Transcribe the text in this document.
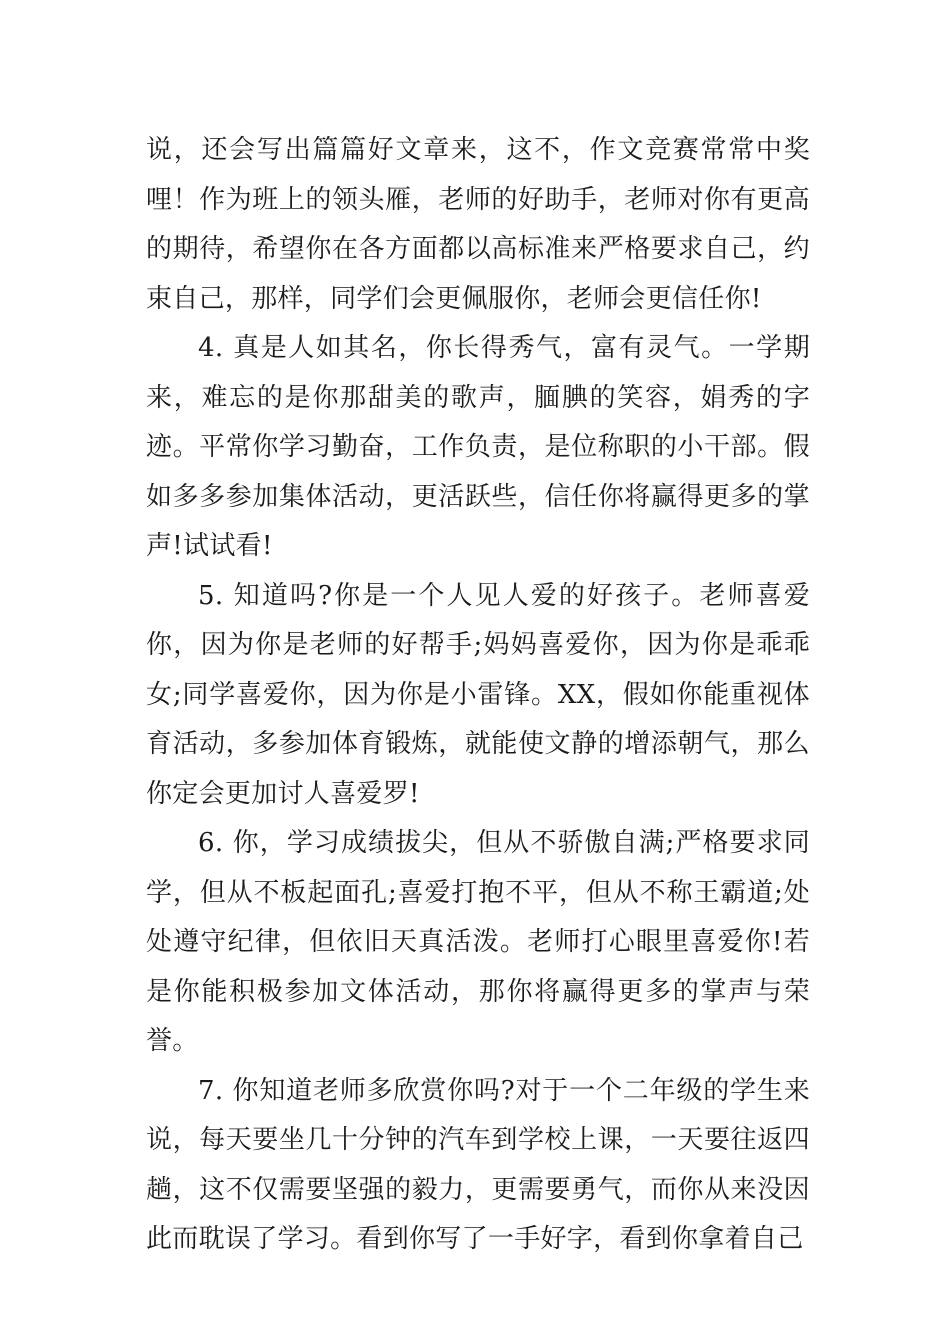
说，还会写出篇篇好文章来，这不，作文竞赛常常中奖哩！作为班上的领头雁，老师的好助手，老师对你有更高的期待，希望你在各方面都以高标准来严格要求自己，约束自己，那样，同学们会更佩服你，老师会更信任你!

4. 真是人如其名，你长得秀气，富有灵气。一学期来，难忘的是你那甜美的歌声，腼腆的笑容，娟秀的字迹。平常你学习勤奋，工作负责，是位称职的小干部。假如多多参加集体活动，更活跃些，信任你将赢得更多的掌声!试试看!

5. 知道吗?你是一个人见人爱的好孩子。老师喜爱你，因为你是老师的好帮手;妈妈喜爱你，因为你是乖乖女;同学喜爱你，因为你是小雷锋。XX，假如你能重视体育活动，多参加体育锻炼，就能使文静的增添朝气，那么你定会更加讨人喜爱罗!

6. 你，学习成绩拔尖，但从不骄傲自满;严格要求同学，但从不板起面孔;喜爱打抱不平，但从不称王霸道;处处遵守纪律，但依旧天真活泼。老师打心眼里喜爱你!若是你能积极参加文体活动，那你将赢得更多的掌声与荣誉。

7. 你知道老师多欣赏你吗?对于一个二年级的学生来说，每天要坐几十分钟的汽车到学校上课，一天要往返四趟，这不仅需要坚强的毅力，更需要勇气，而你从来没因此而耽误了学习。看到你写了一手好字，看到你拿着自己
